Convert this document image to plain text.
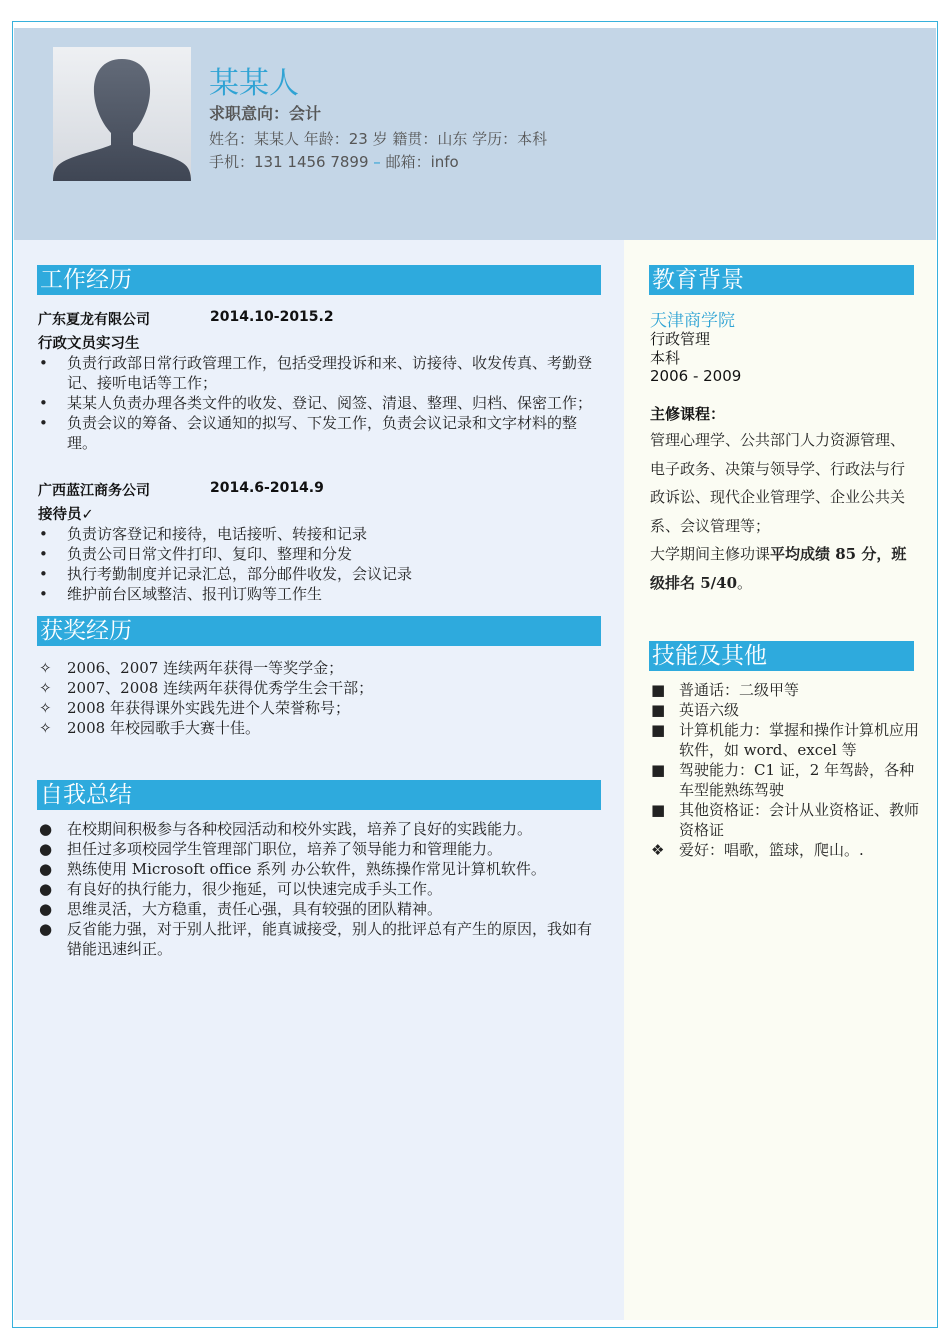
某某人
求职意向：会计
姓名：某某人 年龄：23 岁 籍贯：山东 学历：本科
手机：131 1456 7899 – 邮箱：info
工作经历
广东夏龙有限公司	2014.10-2015.2
行政文员实习生
• 负责行政部日常行政管理工作，包括受理投诉和来、访接待、收发传真、考勤登记、接听电话等工作；
• 某某人负责办理各类文件的收发、登记、阅签、清退、整理、归档、保密工作；
• 负责会议的筹备、会议通知的拟写、下发工作，负责会议记录和文字材料的整理。
广西蓝江商务公司	2014.6-2014.9
接待员✓
• 负责访客登记和接待，电话接听、转接和记录
• 负责公司日常文件打印、复印、整理和分发
• 执行考勤制度并记录汇总，部分邮件收发，会议记录
• 维护前台区域整洁、报刊订购等工作生
获奖经历
✧ 2006、2007 连续两年获得一等奖学金；
✧ 2007、2008 连续两年获得优秀学生会干部；
✧ 2008 年获得课外实践先进个人荣誉称号；
✧ 2008 年校园歌手大赛十佳。
自我总结
● 在校期间积极参与各种校园活动和校外实践，培养了良好的实践能力。
● 担任过多项校园学生管理部门职位，培养了领导能力和管理能力。
● 熟练使用 Microsoft office 系列 办公软件，熟练操作常见计算机软件。
● 有良好的执行能力，很少拖延，可以快速完成手头工作。
● 思维灵活，大方稳重，责任心强，具有较强的团队精神。
● 反省能力强，对于别人批评，能真诚接受，别人的批评总有产生的原因，我如有错能迅速纠正。
教育背景
天津商学院
行政管理
本科
2006 - 2009
主修课程：
管理心理学、公共部门人力资源管理、电子政务、决策与领导学、行政法与行政诉讼、现代企业管理学、企业公共关系、会议管理等；
大学期间主修功课平均成绩 85 分，班级排名 5/40。
技能及其他
■ 普通话：二级甲等
■ 英语六级
■ 计算机能力：掌握和操作计算机应用软件，如 word、excel 等
■ 驾驶能力：C1 证，2 年驾龄，各种车型能熟练驾驶
■ 其他资格证：会计从业资格证、教师资格证
❖ 爱好：唱歌，篮球，爬山。.
